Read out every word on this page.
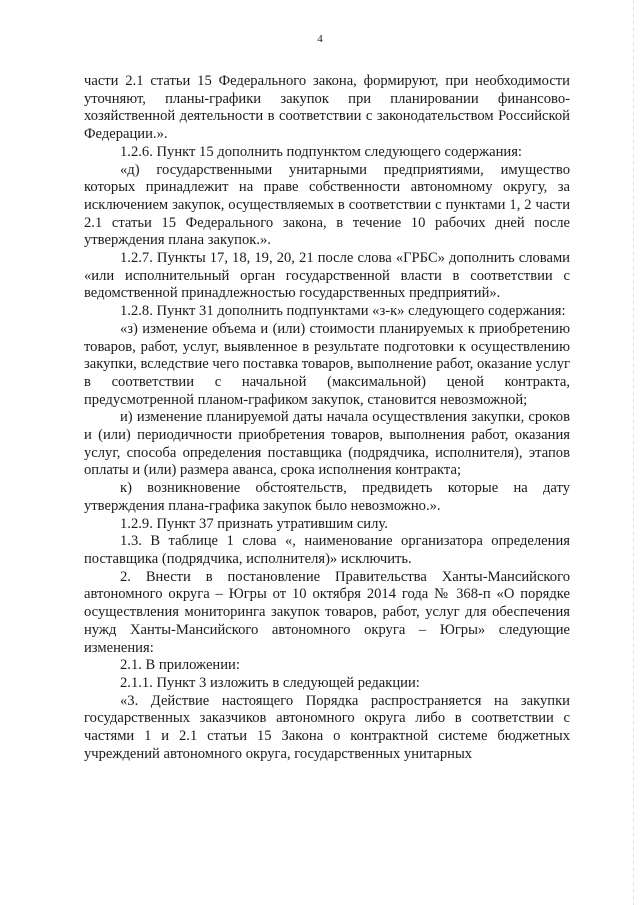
4

части 2.1 статьи 15 Федерального закона, формируют, при необходимости уточняют, планы-графики закупок при планировании финансово-хозяйственной деятельности в соответствии с законодательством Российской Федерации.».

1.2.6. Пункт 15 дополнить подпунктом следующего содержания:

«д) государственными унитарными предприятиями, имущество которых принадлежит на праве собственности автономному округу, за исключением закупок, осуществляемых в соответствии с пунктами 1, 2 части 2.1 статьи 15 Федерального закона, в течение 10 рабочих дней после утверждения плана закупок.».

1.2.7. Пункты 17, 18, 19, 20, 21 после слова «ГРБС» дополнить словами «или исполнительный орган государственной власти в соответствии с ведомственной принадлежностью государственных предприятий».

1.2.8. Пункт 31 дополнить подпунктами «з-к» следующего содержания:

«з) изменение объема и (или) стоимости планируемых к приобретению товаров, работ, услуг, выявленное в результате подготовки к осуществлению закупки, вследствие чего поставка товаров, выполнение работ, оказание услуг в соответствии с начальной (максимальной) ценой контракта, предусмотренной планом-графиком закупок, становится невозможной;

и) изменение планируемой даты начала осуществления закупки, сроков и (или) периодичности приобретения товаров, выполнения работ, оказания услуг, способа определения поставщика (подрядчика, исполнителя), этапов оплаты и (или) размера аванса, срока исполнения контракта;

к) возникновение обстоятельств, предвидеть которые на дату утверждения плана-графика закупок было невозможно.».

1.2.9. Пункт 37 признать утратившим силу.

1.3. В таблице 1 слова «, наименование организатора определения поставщика (подрядчика, исполнителя)» исключить.

2. Внести в постановление Правительства Ханты-Мансийского автономного округа – Югры от 10 октября 2014 года № 368-п «О порядке осуществления мониторинга закупок товаров, работ, услуг для обеспечения нужд Ханты-Мансийского автономного округа – Югры» следующие изменения:

2.1. В приложении:

2.1.1. Пункт 3 изложить в следующей редакции:

«3. Действие настоящего Порядка распространяется на закупки государственных заказчиков автономного округа либо в соответствии с частями 1 и 2.1 статьи 15 Закона о контрактной системе бюджетных учреждений автономного округа, государственных унитарных
